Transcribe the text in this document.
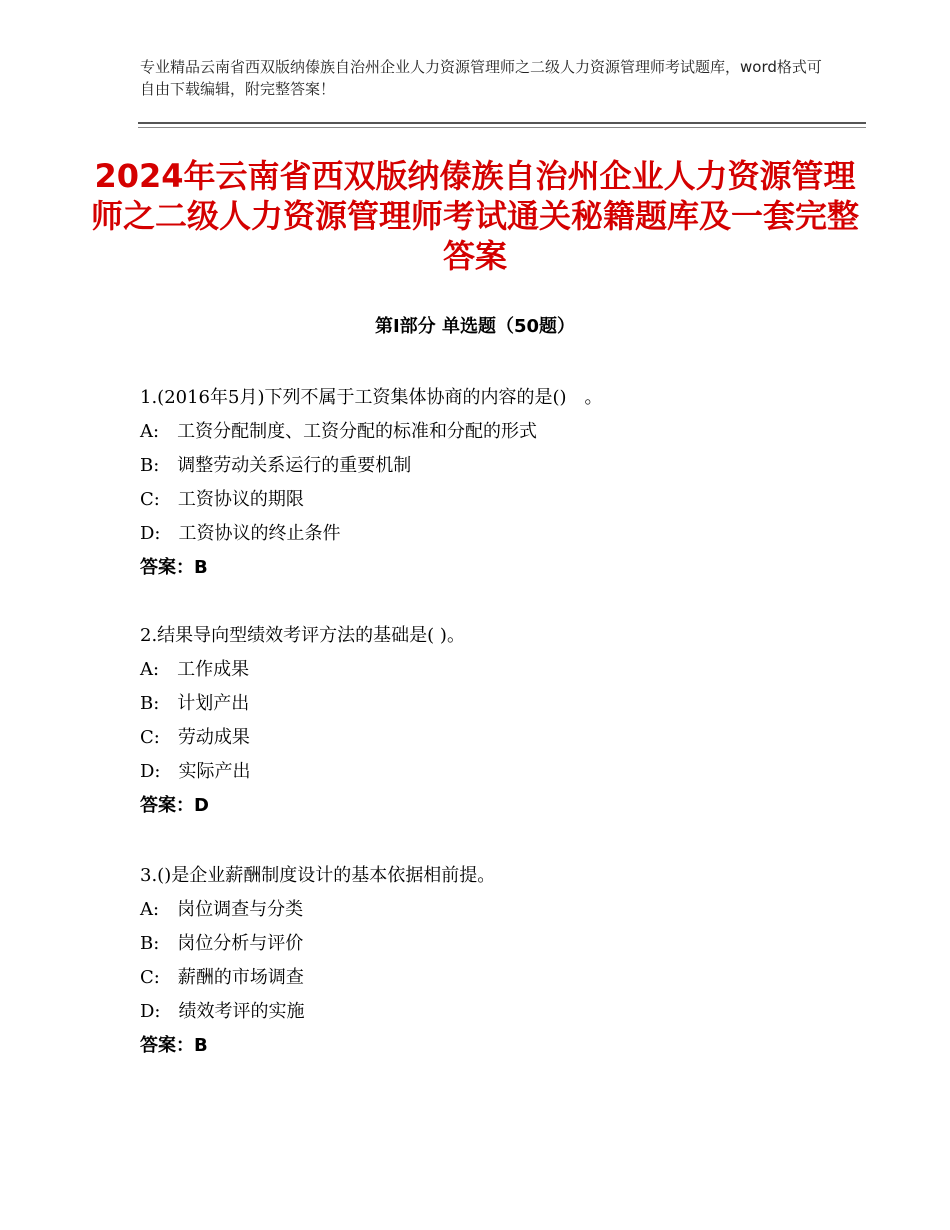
专业精品云南省西双版纳傣族自治州企业人力资源管理师之二级人力资源管理师考试题库，word格式可自由下载编辑，附完整答案！
2024年云南省西双版纳傣族自治州企业人力资源管理师之二级人力资源管理师考试通关秘籍题库及一套完整答案
第Ⅰ部分 单选题（50题）
1.(2016年5月)下列不属于工资集体协商的内容的是()　。
A:　工资分配制度、工资分配的标准和分配的形式
B:　调整劳动关系运行的重要机制
C:　工资协议的期限
D:　工资协议的终止条件
答案：B
2.结果导向型绩效考评方法的基础是( )。
A:　工作成果
B:　计划产出
C:　劳动成果
D:　实际产出
答案：D
3.()是企业薪酬制度设计的基本依据相前提。
A:　岗位调查与分类
B:　岗位分析与评价
C:　薪酬的市场调查
D:　绩效考评的实施
答案：B
